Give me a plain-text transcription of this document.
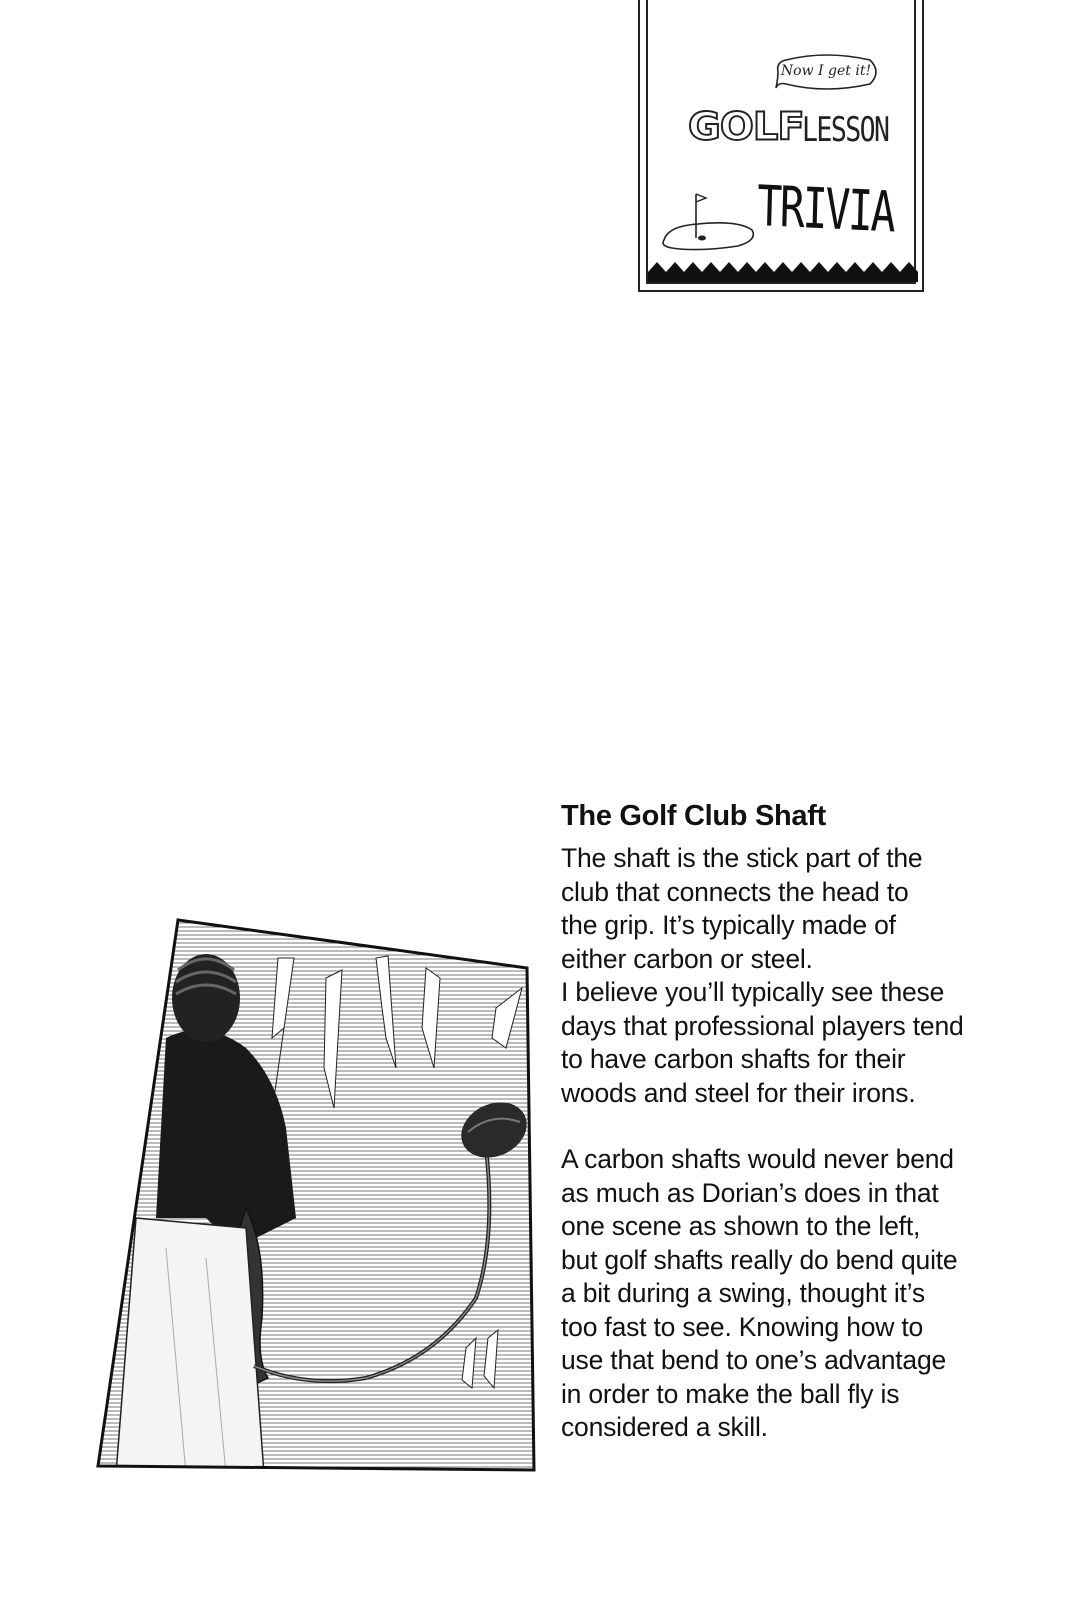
Now I get it!
GOLF
LESSON
TRIVIA
The Golf Club Shaft

The shaft is the stick part of the

club that connects the head to

the grip. It’s typically made of

either carbon or steel.

I believe you’ll typically see these

days that professional players tend

to have carbon shafts for their

woods and steel for their irons.

A carbon shafts would never bend

as much as Dorian’s does in that

one scene as shown to the left,

but golf shafts really do bend quite

a bit during a swing, thought it’s

too fast to see. Knowing how to

use that bend to one’s advantage

in order to make the ball fly is

considered a skill.
